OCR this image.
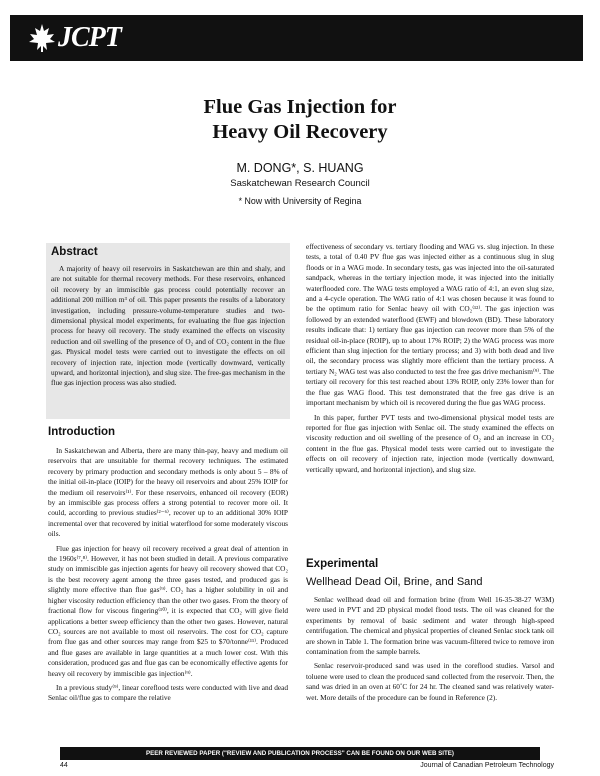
JCPT
Flue Gas Injection for
Heavy Oil Recovery
M. DONG*, S. HUANG
Saskatchewan Research Council
* Now with University of Regina
Abstract
A majority of heavy oil reservoirs in Saskatchewan are thin and shaly, and are not suitable for thermal recovery methods. For these reservoirs, enhanced oil recovery by an immiscible gas process could potentially recover an additional 200 million m³ of oil. This paper presents the results of a laboratory investigation, including pressure-volume-temperature studies and two-dimensional physical model experiments, for evaluating the flue gas injection process for heavy oil recovery. The study examined the effects on viscosity reduction and oil swelling of the presence of O₂ and of CO₂ content in the flue gas. Physical model tests were carried out to investigate the effects on oil recovery of injection rate, injection mode (vertically downward, vertically upward, and horizontal injection), and slug size. The free-gas mechanism in the flue gas injection process was also studied.
Introduction

In Saskatchewan and Alberta, there are many thin-pay, heavy and medium oil reservoirs that are unsuitable for thermal recovery techniques. The estimated recovery by primary production and secondary methods is only about 5 – 8% of the initial oil-in-place (IOIP) for the heavy oil reservoirs and about 25% IOIP for the medium oil reservoirs⁽¹⁾. For these reservoirs, enhanced oil recovery (EOR) by an immiscible gas process offers a strong potential to recover more oil. It could, according to previous studies⁽²⁻⁶⁾, recover up to an additional 30% IOIP incremental over that recovered by initial waterflood for some moderately viscous oils.

Flue gas injection for heavy oil recovery received a great deal of attention in the 1960s⁽⁷,⁸⁾. However, it has not been studied in detail. A previous comparative study on immiscible gas injection agents for heavy oil recovery showed that CO₂ is the best recovery agent among the three gases tested, and produced gas is slightly more effective than flue gas⁽⁹⁾. CO₂ has a higher solubility in oil and higher viscosity reduction efficiency than the other two gases. From the theory of fractional flow for viscous fingering⁽¹⁰⁾, it is expected that CO₂ will give field applications a better sweep efficiency than the other two gases. However, natural CO₂ sources are not available to most oil reservoirs. The cost for CO₂ capture from flue gas and other sources may range from $25 to $70/tonne⁽¹¹⁾. Produced and flue gases are available in large quantities at a much lower cost. With this consideration, produced gas and flue gas can be economically effective agents for heavy oil recovery by immiscible gas injection⁽⁹⁾.

In a previous study⁽⁹⁾, linear coreflood tests were conducted with live and dead Senlac oil/flue gas to compare the relative

effectiveness of secondary vs. tertiary flooding and WAG vs. slug injection. In these tests, a total of 0.40 PV flue gas was injected either as a continuous slug in slug floods or in a WAG mode. In secondary tests, gas was injected into the oil-saturated sandpack, whereas in the tertiary injection mode, it was injected into the initially waterflooded core. The WAG tests employed a WAG ratio of 4:1, an even slug size, and a 4-cycle operation. The WAG ratio of 4:1 was chosen because it was found to be the optimum ratio for Senlac heavy oil with CO₂⁽¹²⁾. The gas injection was followed by an extended waterflood (EWF) and blowdown (BD). These laboratory results indicate that: 1) tertiary flue gas injection can recover more than 5% of the residual oil-in-place (ROIP), up to about 17% ROIP; 2) the WAG process was more efficient than slug injection for the tertiary process; and 3) with both dead and live oil, the secondary process was slightly more efficient than the tertiary process. A tertiary N₂ WAG test was also conducted to test the free gas drive mechanism⁽⁹⁾. The tertiary oil recovery for this test reached about 13% ROIP, only 23% lower than for the flue gas WAG flood. This test demonstrated that the free gas drive is an important mechanism by which oil is recovered during the flue gas WAG process.

In this paper, further PVT tests and two-dimensional physical model tests are reported for flue gas injection with Senlac oil. The study examined the effects on viscosity reduction and oil swelling of the presence of O₂ and an increase in CO₂ content in the flue gas. Physical model tests were carried out to investigate the effects on oil recovery of injection rate, injection mode (vertically downward, vertically upward, and horizontal injection), and slug size.

Experimental
Wellhead Dead Oil, Brine, and Sand

Senlac wellhead dead oil and formation brine (from Well 16-35-38-27 W3M) were used in PVT and 2D physical model flood tests. The oil was cleaned for the experiments by removal of basic sediment and water through high-speed centrifugation. The chemical and physical properties of cleaned Senlac stock tank oil are shown in Table 1. The formation brine was vacuum-filtered twice to remove iron contamination from the sample barrels.

Senlac reservoir-produced sand was used in the coreflood studies. Varsol and toluene were used to clean the produced sand collected from the reservoir. Then, the sand was dried in an oven at 60˚C for 24 hr. The cleaned sand was relatively water-wet. More details of the procedure can be found in Reference (2).

PEER REVIEWED PAPER ("REVIEW AND PUBLICATION PROCESS" CAN BE FOUND ON OUR WEB SITE)
44	Journal of Canadian Petroleum Technology
